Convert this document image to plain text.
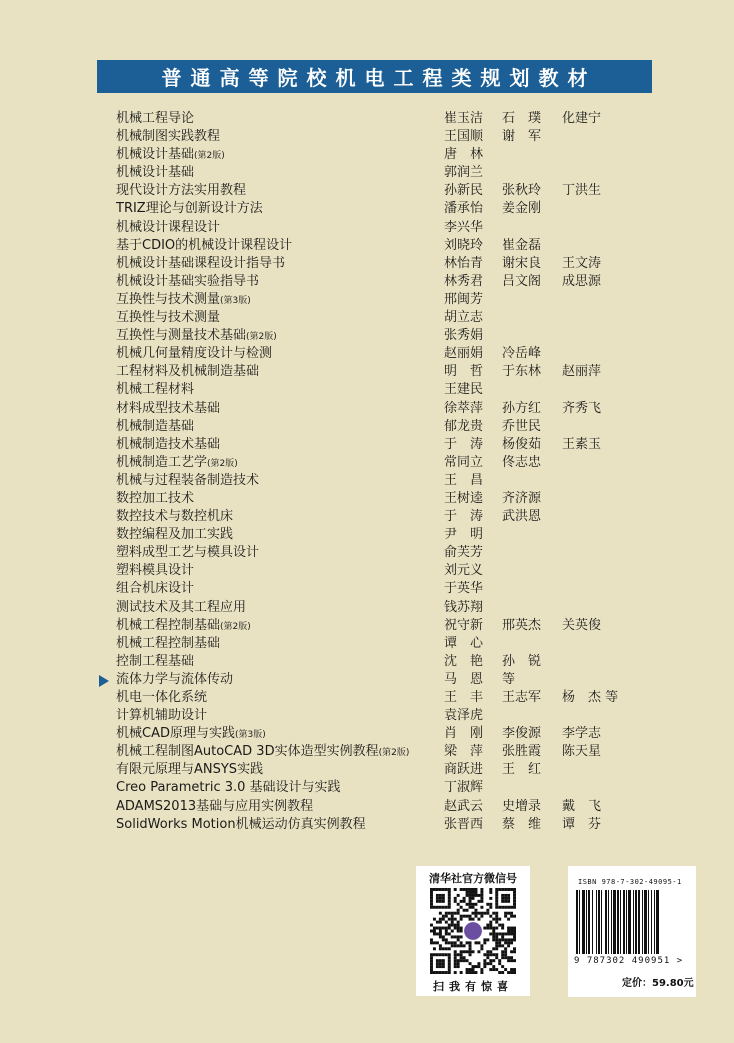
普通高等院校机电工程类规划教材
机械工程导论	崔玉洁 石　璞 化建宁
机械制图实践教程	王国顺 谢　军
机械设计基础(第2版)	唐　林
机械设计基础	郭润兰
现代设计方法实用教程	孙新民 张秋玲 丁洪生
TRIZ理论与创新设计方法	潘承怡 姜金刚
机械设计课程设计	李兴华
基于CDIO的机械设计课程设计	刘晓玲 崔金磊
机械设计基础课程设计指导书	林怡青 谢宋良 王文涛
机械设计基础实验指导书	林秀君 吕文阁 成思源
互换性与技术测量(第3版)	邢闽芳
互换性与技术测量	胡立志
互换性与测量技术基础(第2版)	张秀娟
机械几何量精度设计与检测	赵丽娟 冷岳峰
工程材料及机械制造基础	明　哲 于东林 赵丽萍
机械工程材料	王建民
材料成型技术基础	徐萃萍 孙方红 齐秀飞
机械制造基础	郁龙贵 乔世民
机械制造技术基础	于　涛 杨俊茹 王素玉
机械制造工艺学(第2版)	常同立 佟志忠
机械与过程装备制造技术	王　昌
数控加工技术	王树逵 齐济源
数控技术与数控机床	于　涛 武洪恩
数控编程及加工实践	尹　明
塑料成型工艺与模具设计	俞芙芳
塑料模具设计	刘元义
组合机床设计	于英华
测试技术及其工程应用	钱苏翔
机械工程控制基础(第2版)	祝守新 邢英杰 关英俊
机械工程控制基础	谭　心
控制工程基础	沈　艳 孙　锐
流体力学与流体传动	马　恩 等
机电一体化系统	王　丰 王志军 杨　杰 等
计算机辅助设计	袁泽虎
机械CAD原理与实践(第3版)	肖　刚 李俊源 李学志
机械工程制图AutoCAD 3D实体造型实例教程(第2版)	梁　萍 张胜霞 陈天星
有限元原理与ANSYS实践	商跃进 王　红
Creo Parametric 3.0 基础设计与实践	丁淑辉
ADAMS2013基础与应用实例教程	赵武云 史增录 戴　飞
SolidWorks Motion机械运动仿真实例教程	张晋西 蔡　维 谭　芬
清华社官方微信号
扫我有惊喜
ISBN 978-7-302-49095-1
9 787302 490951 >
定价：59.80元
